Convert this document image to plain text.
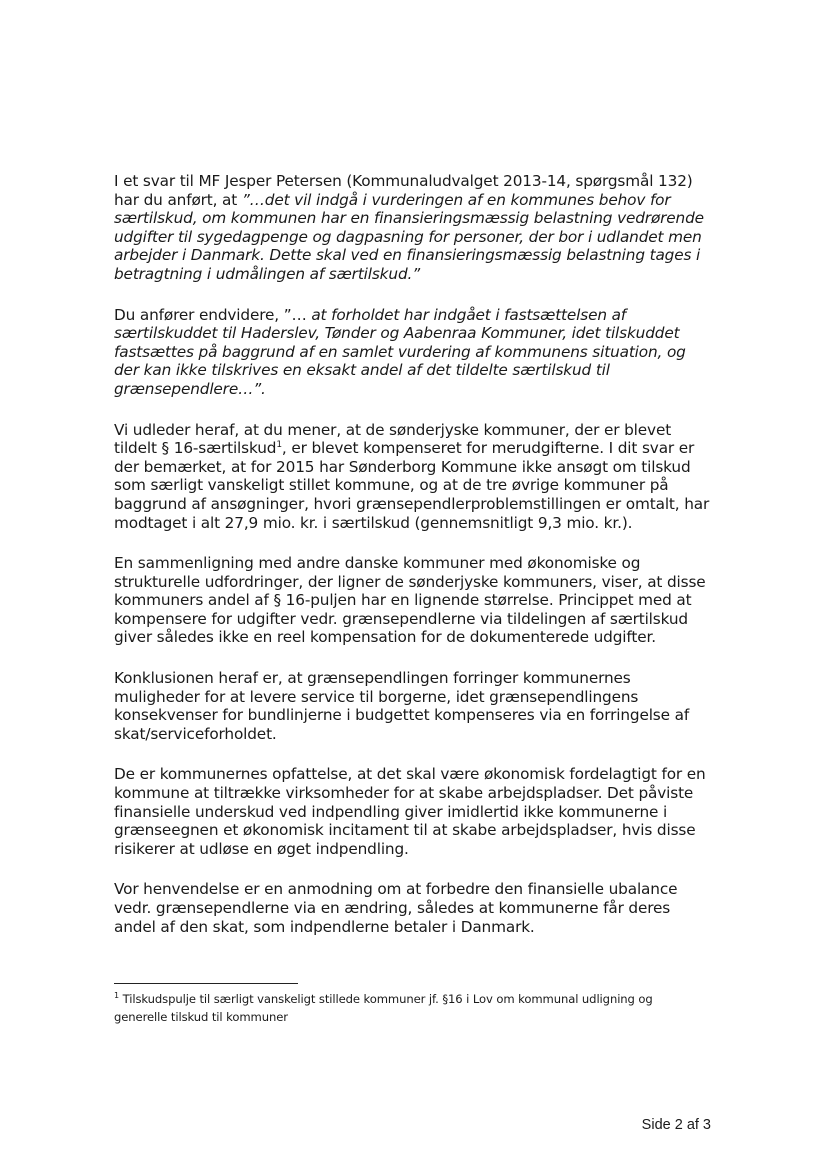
I et svar til MF Jesper Petersen (Kommunaludvalget 2013-14, spørgsmål 132)
har du anført, at ”…det vil indgå i vurderingen af en kommunes behov for
særtilskud, om kommunen har en finansieringsmæssig belastning vedrørende
udgifter til sygedagpenge og dagpasning for personer, der bor i udlandet men
arbejder i Danmark. Dette skal ved en finansieringsmæssig belastning tages i
betragtning i udmålingen af særtilskud.”

Du anfører endvidere, ”… at forholdet har indgået i fastsættelsen af
særtilskuddet til Haderslev, Tønder og Aabenraa Kommuner, idet tilskuddet
fastsættes på baggrund af en samlet vurdering af kommunens situation, og
der kan ikke tilskrives en eksakt andel af det tildelte særtilskud til
grænsependlere…”.

Vi udleder heraf, at du mener, at de sønderjyske kommuner, der er blevet
tildelt § 16-særtilskud$^1$, er blevet kompenseret for merudgifterne. I dit svar er
der bemærket, at for 2015 har Sønderborg Kommune ikke ansøgt om tilskud
som særligt vanskeligt stillet kommune, og at de tre øvrige kommuner på
baggrund af ansøgninger, hvori grænsependlerproblemstillingen er omtalt, har
modtaget i alt 27,9 mio. kr. i særtilskud (gennemsnitligt 9,3 mio. kr.).

En sammenligning med andre danske kommuner med økonomiske og
strukturelle udfordringer, der ligner de sønderjyske kommuners, viser, at disse
kommuners andel af § 16-puljen har en lignende størrelse. Princippet med at
kompensere for udgifter vedr. grænsependlerne via tildelingen af særtilskud
giver således ikke en reel kompensation for de dokumenterede udgifter.

Konklusionen heraf er, at grænsependlingen forringer kommunernes
muligheder for at levere service til borgerne, idet grænsependlingens
konsekvenser for bundlinjerne i budgettet kompenseres via en forringelse af
skat/serviceforholdet.

De er kommunernes opfattelse, at det skal være økonomisk fordelagtigt for en
kommune at tiltrække virksomheder for at skabe arbejdspladser. Det påviste
finansielle underskud ved indpendling giver imidlertid ikke kommunerne i
grænseegnen et økonomisk incitament til at skabe arbejdspladser, hvis disse
risikerer at udløse en øget indpendling.

Vor henvendelse er en anmodning om at forbedre den finansielle ubalance
vedr. grænsependlerne via en ændring, således at kommunerne får deres
andel af den skat, som indpendlerne betaler i Danmark.

$^1$ Tilskudspulje til særligt vanskeligt stillede kommuner jf. §16 i Lov om kommunal udligning og
generelle tilskud til kommuner
Side 2 af 3
